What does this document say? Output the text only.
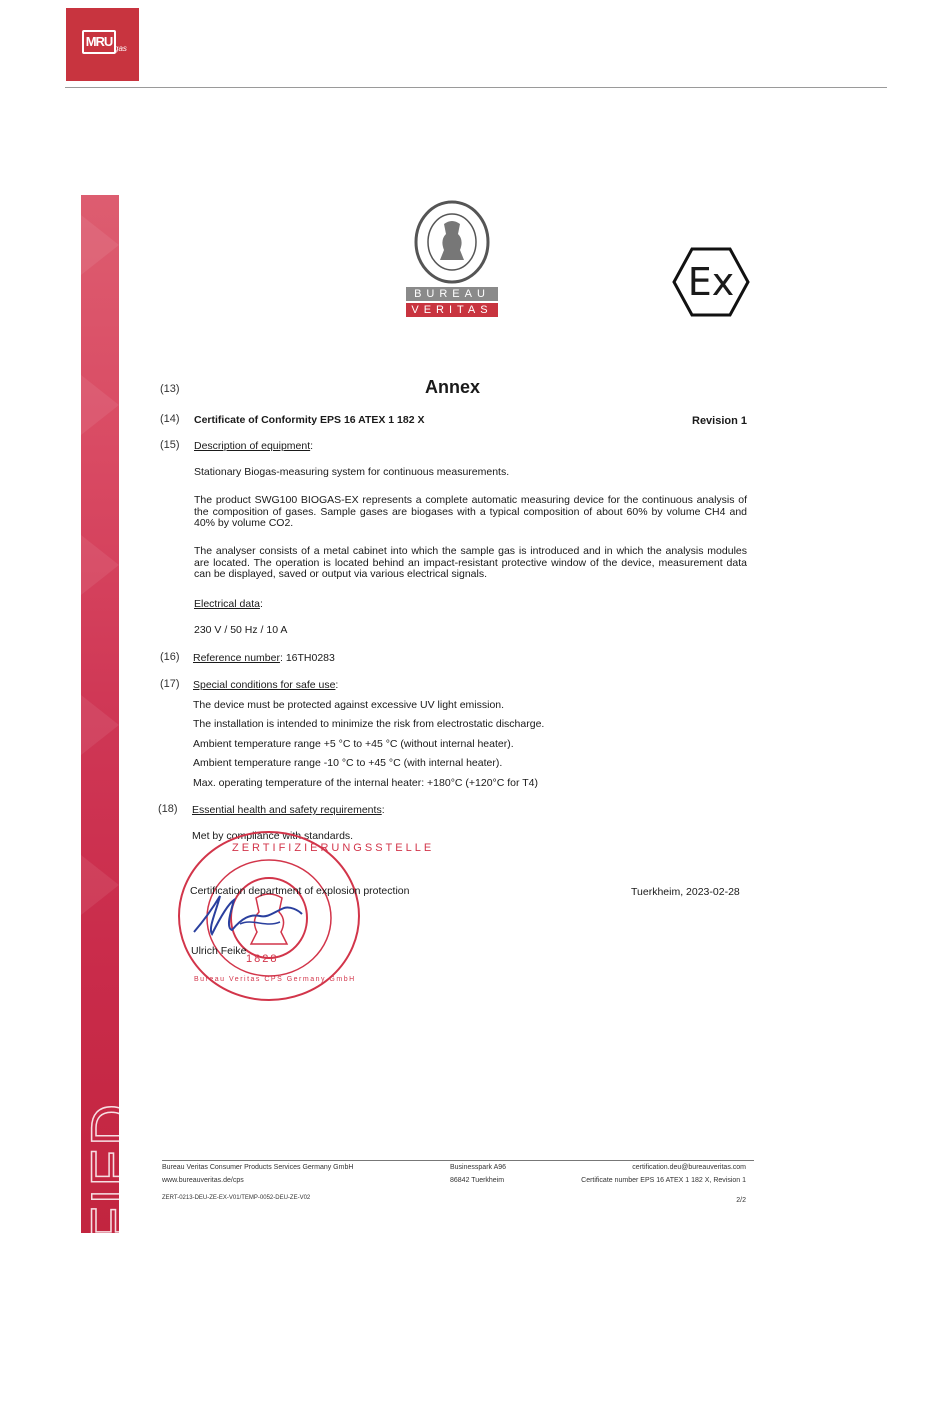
MRU gas
CERTIFIED
BUREAU
VERITAS
Ex
(13)	Annex
(14) Certificate of Conformity EPS 16 ATEX 1 182 X	Revision 1
(15) Description of equipment:
Stationary Biogas-measuring system for continuous measurements.
The product SWG100 BIOGAS-EX represents a complete automatic measuring device for the continuous analysis of the composition of gases. Sample gases are biogases with a typical composition of about 60% by volume CH4 and 40% by volume CO2.
The analyser consists of a metal cabinet into which the sample gas is introduced and in which the analysis modules are located. The operation is located behind an impact-resistant protective window of the device, measurement data can be displayed, saved or output via various electrical signals.
Electrical data:
230 V / 50 Hz / 10 A
(16) Reference number: 16TH0283
(17) Special conditions for safe use:
The device must be protected against excessive UV light emission.
The installation is intended to minimize the risk from electrostatic discharge.
Ambient temperature range +5 °C to +45 °C (without internal heater).
Ambient temperature range -10 °C to +45 °C (with internal heater).
Max. operating temperature of the internal heater: +180°C (+120°C for T4)
(18) Essential health and safety requirements:
Met by compliance with standards.
ZERTIFIZIERUNGSSTELLE
1828
Bureau Veritas CPS Germany GmbH
Certification department of explosion protection	Tuerkheim, 2023-02-28
Ulrich Feike
Bureau Veritas Consumer Products Services Germany GmbH
www.bureauveritas.de/cps
ZERT-0213-DEU-ZE-EX-V01/TEMP-0052-DEU-ZE-V02
Businesspark A96
86842 Tuerkheim
certification.deu@bureauveritas.com
Certificate number EPS 16 ATEX 1 182 X, Revision 1
2/2
